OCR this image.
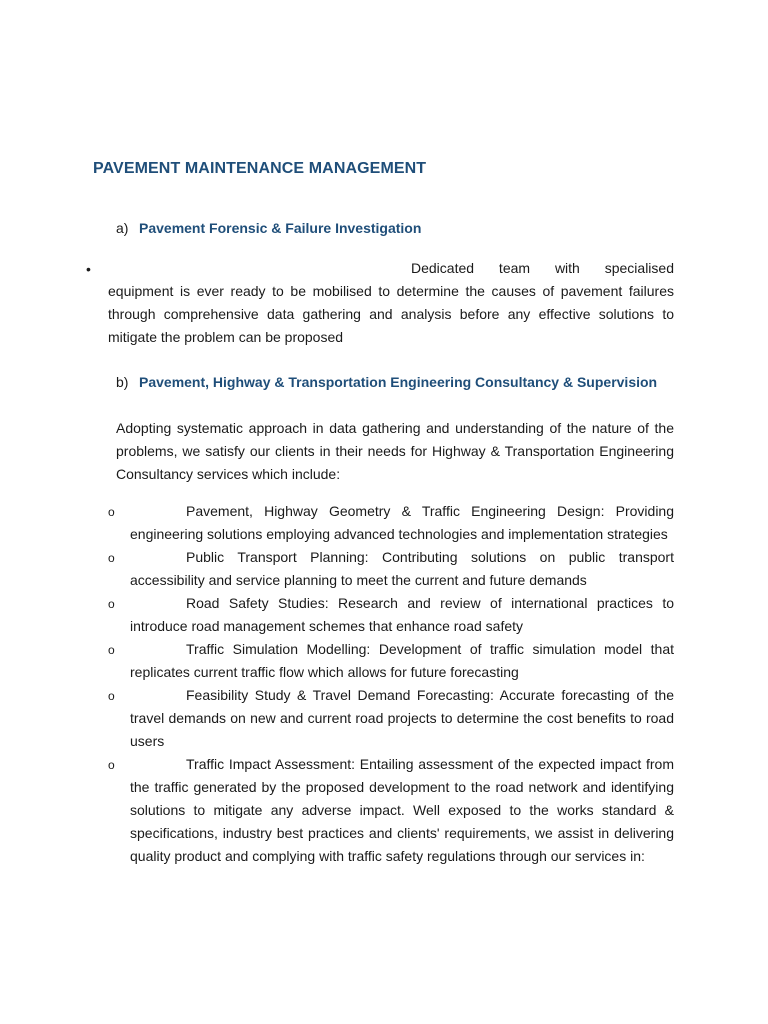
PAVEMENT MAINTENANCE MANAGEMENT
a) Pavement Forensic & Failure Investigation
•	Dedicated team with specialised equipment is ever ready to be mobilised to determine the causes of pavement failures through comprehensive data gathering and analysis before any effective solutions to mitigate the problem can be proposed
b) Pavement, Highway & Transportation Engineering Consultancy & Supervision
Adopting systematic approach in data gathering and understanding of the nature of the problems, we satisfy our clients in their needs for Highway & Transportation Engineering Consultancy services which include:
o	Pavement, Highway Geometry & Traffic Engineering Design: Providing engineering solutions employing advanced technologies and implementation strategies
o	Public Transport Planning: Contributing solutions on public transport accessibility and service planning to meet the current and future demands
o	Road Safety Studies: Research and review of international practices to introduce road management schemes that enhance road safety
o	Traffic Simulation Modelling: Development of traffic simulation model that replicates current traffic flow which allows for future forecasting
o	Feasibility Study & Travel Demand Forecasting: Accurate forecasting of the travel demands on new and current road projects to determine the cost benefits to road users
o	Traffic Impact Assessment: Entailing assessment of the expected impact from the traffic generated by the proposed development to the road network and identifying solutions to mitigate any adverse impact. Well exposed to the works standard & specifications, industry best practices and clients' requirements, we assist in delivering quality product and complying with traffic safety regulations through our services in:
